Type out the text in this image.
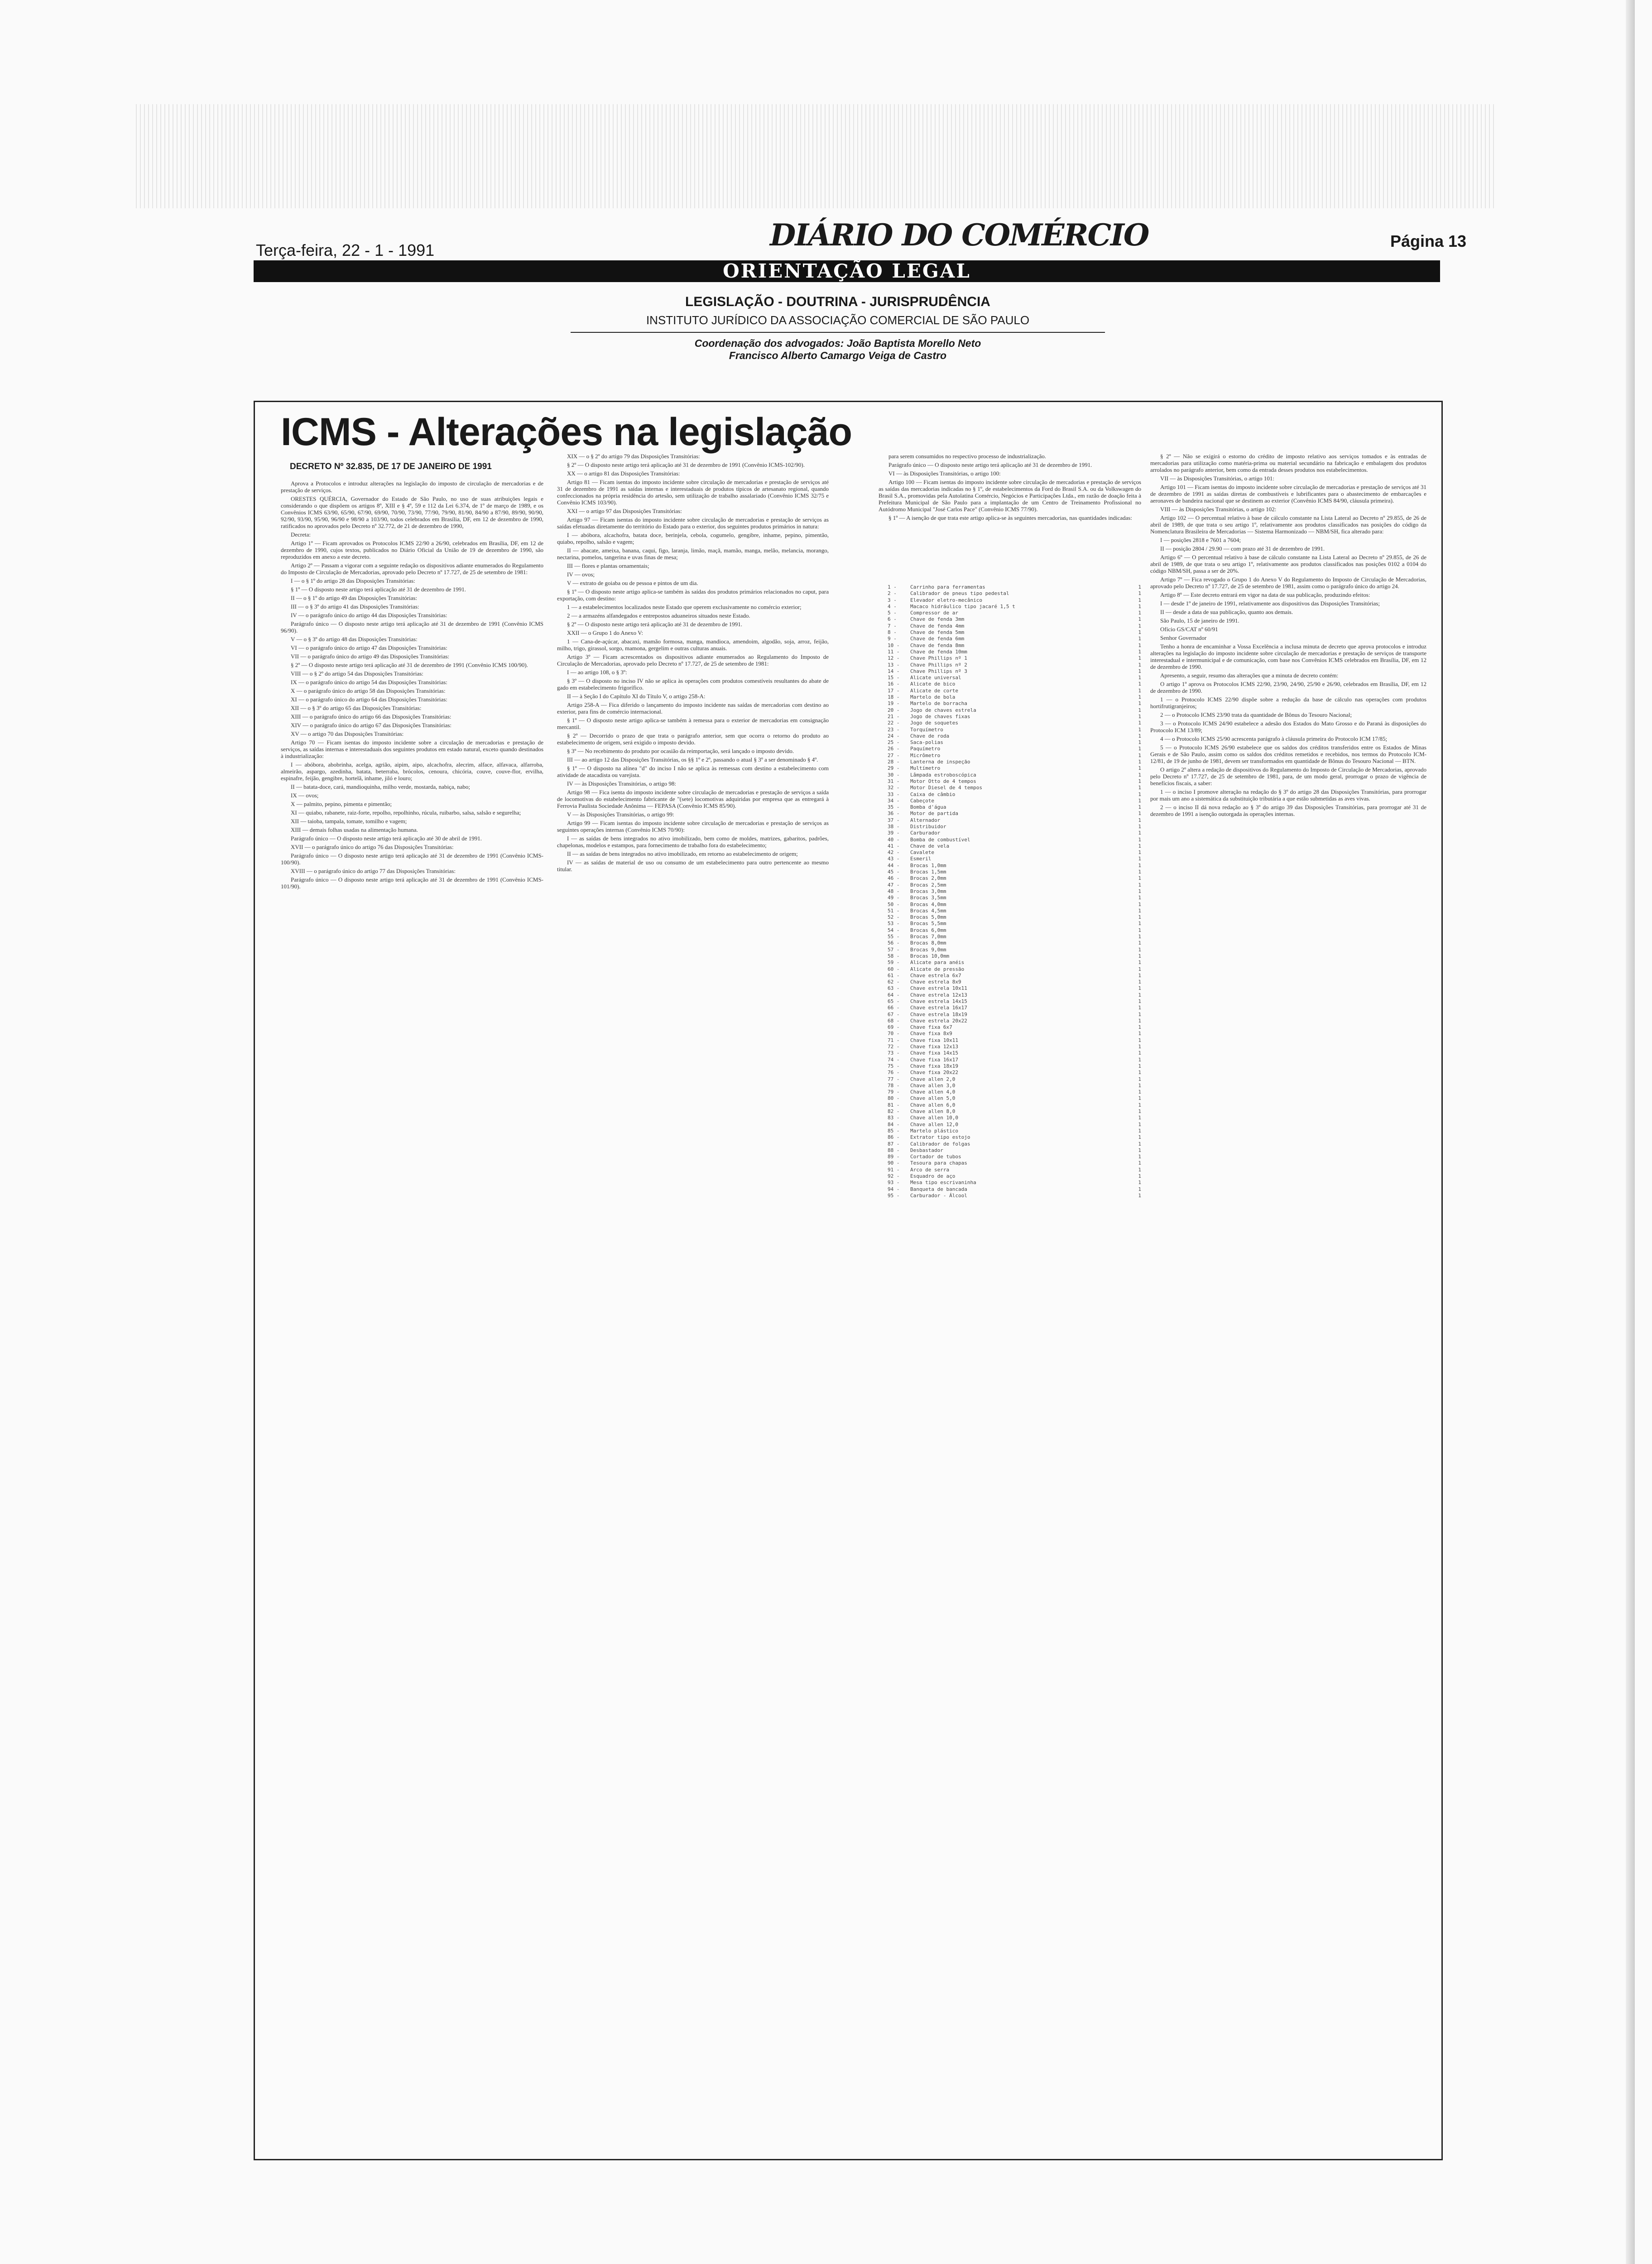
Terça-feira, 22 - 1 - 1991	DIÁRIO DO COMÉRCIO	Página 13
ORIENTAÇÃO LEGAL
LEGISLAÇÃO - DOUTRINA - JURISPRUDÊNCIA
INSTITUTO JURÍDICO DA ASSOCIAÇÃO COMERCIAL DE SÃO PAULO
Coordenação dos advogados: João Baptista Morello Neto
Francisco Alberto Camargo Veiga de Castro
ICMS - Alterações na legislação
DECRETO Nº 32.835, DE 17 DE JANEIRO DE 1991

Aprova a Protocolos e introduz alterações na legislação do imposto de circulação de mercadorias e de prestação de serviços.

ORESTES QUÉRCIA, Governador do Estado de São Paulo, no uso de suas atribuições legais e considerando o que dispõem os artigos 8º, XIII e § 4º, 59 e 112 da Lei 6.374, de 1º de março de 1989, e os Convênios ICMS 63/90, 65/90, 67/90, 69/90, 70/90, 73/90, 77/90, 79/90, 81/90, 84/90 a 87/90, 89/90, 90/90, 92/90, 93/90, 95/90, 96/90 e 98/90 a 103/90, todos celebrados em Brasília, DF, em 12 de dezembro de 1990, ratificados no aprovados pelo Decreto nº 32.772, de 21 de dezembro de 1990,

Decreta:

Artigo 1º — Ficam aprovados os Protocolos ICMS 22/90 a 26/90, celebrados em Brasília, DF, em 12 de dezembro de 1990, cujos textos, publicados no Diário Oficial da União de 19 de dezembro de 1990, são reproduzidos em anexo a este decreto.

Artigo 2º — Passam a vigorar com a seguinte redação os dispositivos adiante enumerados do Regulamento do Imposto de Circulação de Mercadorias, aprovado pelo Decreto nº 17.727, de 25 de setembro de 1981:

I — o § 1º do artigo 28 das Disposições Transitórias:

§ 1º — O disposto neste artigo terá aplicação até 31 de dezembro de 1991.

II — o § 1º do artigo 49 das Disposições Transitórias:

III — o § 3º do artigo 41 das Disposições Transitórias:

IV — o parágrafo único do artigo 44 das Disposições Transitórias:

Parágrafo único — O disposto neste artigo terá aplicação até 31 de dezembro de 1991 (Convênio ICMS 96/90).

V — o § 3º do artigo 48 das Disposições Transitórias:

VI — o parágrafo único do artigo 47 das Disposições Transitórias:

VII — o parágrafo único do artigo 49 das Disposições Transitórias:

§ 2º — O disposto neste artigo terá aplicação até 31 de dezembro de 1991 (Convênio ICMS 100/90).

VIII — o § 2º do artigo 54 das Disposições Transitórias:

IX — o parágrafo único do artigo 54 das Disposições Transitórias:

X — o parágrafo único do artigo 58 das Disposições Transitórias:

XI — o parágrafo único do artigo 64 das Disposições Transitórias:

XII — o § 3º do artigo 65 das Disposições Transitórias:

XIII — o parágrafo único do artigo 66 das Disposições Transitórias:

XIV — o parágrafo único do artigo 67 das Disposições Transitórias:

XV — o artigo 70 das Disposições Transitórias:

Artigo 70 — Ficam isentas do imposto incidente sobre a circulação de mercadorias e prestação de serviços, as saídas internas e interestaduais dos seguintes produtos em estado natural, exceto quando destinados à industrialização:

I — abóbora, abobrinha, acelga, agrião, aipim, aipo, alcachofra, alecrim, alface, alfavaca, alfarroba, almeirão, aspargo, azedinha, batata, beterraba, brócolos, cenoura, chicória, couve, couve-flor, ervilha, espinafre, feijão, gengibre, hortelã, inhame, jiló e louro;

II — batata-doce, cará, mandioquinha, milho verde, mostarda, nabiça, nabo;

IX — ovos;

X — palmito, pepino, pimenta e pimentão;

XI — quiabo, rabanete, raiz-forte, repolho, repolhinho, rúcula, ruibarbo, salsa, salsão e segurelha;

XII — taioba, tampala, tomate, tomilho e vagem;

XIII — demais folhas usadas na alimentação humana.

Parágrafo único — O disposto neste artigo terá aplicação até 30 de abril de 1991.

XVII — o parágrafo único do artigo 76 das Disposições Transitórias:

Parágrafo único — O disposto neste artigo terá aplicação até 31 de dezembro de 1991 (Convênio ICMS-100/90).

XVIII — o parágrafo único do artigo 77 das Disposições Transitórias:

Parágrafo único — O disposto neste artigo terá aplicação até 31 de dezembro de 1991 (Convênio ICMS-101/90).

XIX — o § 2º do artigo 79 das Disposições Transitórias:

§ 2º — O disposto neste artigo terá aplicação até 31 de dezembro de 1991 (Convênio ICMS-102/90).

XX — o artigo 81 das Disposições Transitórias:

Artigo 81 — Ficam isentas do imposto incidente sobre circulação de mercadorias e prestação de serviços até 31 de dezembro de 1991 as saídas internas e interestaduais de produtos típicos de artesanato regional, quando confeccionados na própria residência do artesão, sem utilização de trabalho assalariado (Convênio ICMS 32/75 e Convênio ICMS 103/90).

XXI — o artigo 97 das Disposições Transitórias:

Artigo 97 — Ficam isentas do imposto incidente sobre circulação de mercadorias e prestação de serviços as saídas efetuadas diretamente do território do Estado para o exterior, dos seguintes produtos primários in natura:

I — abóbora, alcachofra, batata doce, berinjela, cebola, cogumelo, gengibre, inhame, pepino, pimentão, quiabo, repolho, salsão e vagem;

II — abacate, ameixa, banana, caqui, figo, laranja, limão, maçã, mamão, manga, melão, melancia, morango, nectarina, pomelos, tangerina e uvas finas de mesa;

III — flores e plantas ornamentais;

IV — ovos;

V — extrato de goiaba ou de pessoa e pintos de um dia.

§ 1º — O disposto neste artigo aplica-se também às saídas dos produtos primários relacionados no caput, para exportação, com destino:

1 — a estabelecimentos localizados neste Estado que operem exclusivamente no comércio exterior;

2 — a armazéns alfandegados e entrepostos aduaneiros situados neste Estado.

§ 2º — O disposto neste artigo terá aplicação até 31 de dezembro de 1991.

XXII — o Grupo 1 do Anexo V:

1 — Cana-de-açúcar, abacaxi, mamão formosa, manga, mandioca, amendoim, algodão, soja, arroz, feijão, milho, trigo, girassol, sorgo, mamona, gergelim e outras culturas anuais.

Artigo 3º — Ficam acrescentados os dispositivos adiante enumerados ao Regulamento do Imposto de Circulação de Mercadorias, aprovado pelo Decreto nº 17.727, de 25 de setembro de 1981:

I — ao artigo 108, o § 3º:

§ 3º — O disposto no inciso IV não se aplica às operações com produtos comestíveis resultantes do abate de gado em estabelecimento frigorífico.

II — à Seção I do Capítulo XI do Título V, o artigo 258-A:

Artigo 258-A — Fica diferido o lançamento do imposto incidente nas saídas de mercadorias com destino ao exterior, para fins de comércio internacional.

§ 1º — O disposto neste artigo aplica-se também à remessa para o exterior de mercadorias em consignação mercantil.

§ 2º — Decorrido o prazo de que trata o parágrafo anterior, sem que ocorra o retorno do produto ao estabelecimento de origem, será exigido o imposto devido.

§ 3º — No recebimento do produto por ocasião da reimportação, será lançado o imposto devido.

III — ao artigo 12 das Disposições Transitórias, os §§ 1º e 2º, passando o atual § 3º a ser denominado § 4º.

§ 1º — O disposto na alínea "d" do inciso I não se aplica às remessas com destino a estabelecimento com atividade de atacadista ou varejista.

IV — às Disposições Transitórias, o artigo 98:

Artigo 98 — Fica isenta do imposto incidente sobre circulação de mercadorias e prestação de serviços a saída de locomotivas do estabelecimento fabricante de "(sete) locomotivas adquiridas por empresa que as entregará à Ferrovia Paulista Sociedade Anônima — FEPASA (Convênio ICMS 85/90).

V — às Disposições Transitórias, o artigo 99:

Artigo 99 — Ficam isentas do imposto incidente sobre circulação de mercadorias e prestação de serviços as seguintes operações internas (Convênio ICMS 70/90):

I — as saídas de bens integrados no ativo imobilizado, bem como de moldes, matrizes, gabaritos, padrões, chapelonas, modelos e estampos, para fornecimento de trabalho fora do estabelecimento;

II — as saídas de bens integrados no ativo imobilizado, em retorno ao estabelecimento de origem;

IV — as saídas de material de uso ou consumo de um estabelecimento para outro pertencente ao mesmo titular.

para serem consumidos no respectivo processo de industrialização.

Parágrafo único — O disposto neste artigo terá aplicação até 31 de dezembro de 1991.

VI — às Disposições Transitórias, o artigo 100:

Artigo 100 — Ficam isentas do imposto incidente sobre circulação de mercadorias e prestação de serviços as saídas das mercadorias indicadas no § 1º, de estabelecimentos da Ford do Brasil S.A. ou da Volkswagen do Brasil S.A., promovidas pela Autolatina Comércio, Negócios e Participações Ltda., em razão de doação feita à Prefeitura Municipal de São Paulo para a implantação de um Centro de Treinamento Profissional no Autódromo Municipal "José Carlos Pace" (Convênio ICMS 77/90).

§ 1º — A isenção de que trata este artigo aplica-se às seguintes mercadorias, nas quantidades indicadas:

1 -	Carrinho para ferramentas	1
2 -	Calibrador de pneus tipo pedestal	1
3 -	Elevador eletro-mecânico	1
4 -	Macaco hidráulico tipo jacaré 1,5 t	1
5 -	Compressor de ar	1
6 -	Chave de fenda 3mm	1
7 -	Chave de fenda 4mm	1
8 -	Chave de fenda 5mm	1
9 -	Chave de fenda 6mm	1
10 -	Chave de fenda 8mm	1
11 -	Chave de fenda 10mm	1
12 -	Chave Phillips nº 1	1
13 -	Chave Phillips nº 2	1
14 -	Chave Phillips nº 3	1
15 -	Alicate universal	1
16 -	Alicate de bico	1
17 -	Alicate de corte	1
18 -	Martelo de bola	1
19 -	Martelo de borracha	1
20 -	Jogo de chaves estrela	1
21 -	Jogo de chaves fixas	1
22 -	Jogo de soquetes	1
23 -	Torquímetro	1
24 -	Chave de roda	1
25 -	Saca-polias	1
26 -	Paquímetro	1
27 -	Micrômetro	1
28 -	Lanterna de inspeção	1
29 -	Multímetro	1
30 -	Lâmpada estroboscópica	1
31 -	Motor Otto de 4 tempos	1
32 -	Motor Diesel de 4 tempos	1
33 -	Caixa de câmbio	1
34 -	Cabeçote	1
35 -	Bomba d'água	1
36 -	Motor de partida	1
37 -	Alternador	1
38 -	Distribuidor	1
39 -	Carburador	1
40 -	Bomba de combustível	1
41 -	Chave de vela	1
42 -	Cavalete	1
43 -	Esmeril	1
44 -	Brocas 1,0mm	1
45 -	Brocas 1,5mm	1
46 -	Brocas 2,0mm	1
47 -	Brocas 2,5mm	1
48 -	Brocas 3,0mm	1
49 -	Brocas 3,5mm	1
50 -	Brocas 4,0mm	1
51 -	Brocas 4,5mm	1
52 -	Brocas 5,0mm	1
53 -	Brocas 5,5mm	1
54 -	Brocas 6,0mm	1
55 -	Brocas 7,0mm	1
56 -	Brocas 8,0mm	1
57 -	Brocas 9,0mm	1
58 -	Brocas 10,0mm	1
59 -	Alicate para anéis	1
60 -	Alicate de pressão	1
61 -	Chave estrela 6x7	1
62 -	Chave estrela 8x9	1
63 -	Chave estrela 10x11	1
64 -	Chave estrela 12x13	1
65 -	Chave estrela 14x15	1
66 -	Chave estrela 16x17	1
67 -	Chave estrela 18x19	1
68 -	Chave estrela 20x22	1
69 -	Chave fixa 6x7	1
70 -	Chave fixa 8x9	1
71 -	Chave fixa 10x11	1
72 -	Chave fixa 12x13	1
73 -	Chave fixa 14x15	1
74 -	Chave fixa 16x17	1
75 -	Chave fixa 18x19	1
76 -	Chave fixa 20x22	1
77 -	Chave allen 2,0	1
78 -	Chave allen 3,0	1
79 -	Chave allen 4,0	1
80 -	Chave allen 5,0	1
81 -	Chave allen 6,0	1
82 -	Chave allen 8,0	1
83 -	Chave allen 10,0	1
84 -	Chave allen 12,0	1
85 -	Martelo plástico	1
86 -	Extrator tipo estojo	1
87 -	Calibrador de folgas	1
88 -	Desbastador	1
89 -	Cortador de tubos	1
90 -	Tesoura para chapas	1
91 -	Arco de serra	1
92 -	Esquadro de aço	1
93 -	Mesa tipo escrivaninha	1
94 -	Banqueta de bancada	1
95 -	Carburador - Álcool	1

§ 2º — Não se exigirá o estorno do crédito de imposto relativo aos serviços tomados e às entradas de mercadorias para utilização como matéria-prima ou material secundário na fabricação e embalagem dos produtos arrolados no parágrafo anterior, bem como da entrada desses produtos nos estabelecimentos.

VII — às Disposições Transitórias, o artigo 101:

Artigo 101 — Ficam isentas do imposto incidente sobre circulação de mercadorias e prestação de serviços até 31 de dezembro de 1991 as saídas diretas de combustíveis e lubrificantes para o abastecimento de embarcações e aeronaves de bandeira nacional que se destinem ao exterior (Convênio ICMS 84/90, cláusula primeira).

VIII — às Disposições Transitórias, o artigo 102:

Artigo 102 — O percentual relativo à base de cálculo constante na Lista Lateral ao Decreto nº 29.855, de 26 de abril de 1989, de que trata o seu artigo 1º, relativamente aos produtos classificados nas posições do código da Nomenclatura Brasileira de Mercadorias — Sistema Harmonizado — NBM/SH, fica alterado para:

I — posições 2818 e 7601 a 7604;

II — posição 2804 / 29.90 — com prazo até 31 de dezembro de 1991.

Artigo 6º — O percentual relativo à base de cálculo constante na Lista Lateral ao Decreto nº 29.855, de 26 de abril de 1989, de que trata o seu artigo 1º, relativamente aos produtos classificados nas posições 0102 a 0104 do código NBM/SH, passa a ser de 20%.

Artigo 7º — Fica revogado o Grupo 1 do Anexo V do Regulamento do Imposto de Circulação de Mercadorias, aprovado pelo Decreto nº 17.727, de 25 de setembro de 1981, assim como o parágrafo único do artigo 24.

Artigo 8º — Este decreto entrará em vigor na data de sua publicação, produzindo efeitos:

I — desde 1º de janeiro de 1991, relativamente aos dispositivos das Disposições Transitórias;

II — desde a data de sua publicação, quanto aos demais.

São Paulo, 15 de janeiro de 1991.

Ofício GS/CAT nº 60/91

Senhor Governador

Tenho a honra de encaminhar a Vossa Excelência a inclusa minuta de decreto que aprova protocolos e introduz alterações na legislação do imposto incidente sobre circulação de mercadorias e prestação de serviços de transporte interestadual e intermunicipal e de comunicação, com base nos Convênios ICMS celebrados em Brasília, DF, em 12 de dezembro de 1990.

Apresento, a seguir, resumo das alterações que a minuta de decreto contém:

O artigo 1º aprova os Protocolos ICMS 22/90, 23/90, 24/90, 25/90 e 26/90, celebrados em Brasília, DF, em 12 de dezembro de 1990.

1 — o Protocolo ICMS 22/90 dispõe sobre a redução da base de cálculo nas operações com produtos hortifrutigranjeiros;

2 — o Protocolo ICMS 23/90 trata da quantidade de Bônus do Tesouro Nacional;

3 — o Protocolo ICMS 24/90 estabelece a adesão dos Estados do Mato Grosso e do Paraná às disposições do Protocolo ICM 13/89;

4 — o Protocolo ICMS 25/90 acrescenta parágrafo à cláusula primeira do Protocolo ICM 17/85;

5 — o Protocolo ICMS 26/90 estabelece que os saldos dos créditos transferidos entre os Estados de Minas Gerais e de São Paulo, assim como os saldos dos créditos remetidos e recebidos, nos termos do Protocolo ICM-12/81, de 19 de junho de 1981, devem ser transformados em quantidade de Bônus do Tesouro Nacional — BTN.

O artigo 2º altera a redação de dispositivos do Regulamento do Imposto de Circulação de Mercadorias, aprovado pelo Decreto nº 17.727, de 25 de setembro de 1981, para, de um modo geral, prorrogar o prazo de vigência de benefícios fiscais, a saber:

1 — o inciso I promove alteração na redação do § 3º do artigo 28 das Disposições Transitórias, para prorrogar por mais um ano a sistemática da substituição tributária a que estão submetidas as aves vivas.

2 — o inciso II dá nova redação ao § 3º do artigo 39 das Disposições Transitórias, para prorrogar até 31 de dezembro de 1991 a isenção outorgada às operações internas.
